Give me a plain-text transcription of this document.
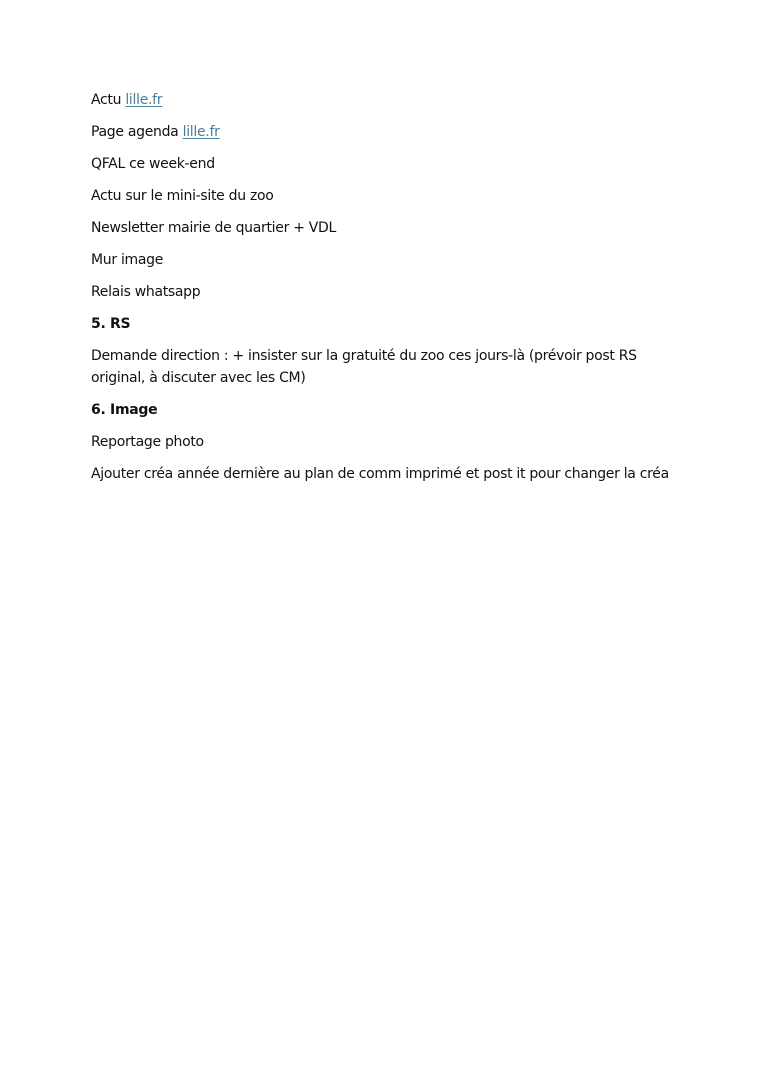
Actu lille.fr

Page agenda lille.fr

QFAL ce week-end

Actu sur le mini-site du zoo

Newsletter mairie de quartier + VDL

Mur image

Relais whatsapp

5. RS

Demande direction : + insister sur la gratuité du zoo ces jours-là (prévoir post RS original, à discuter avec les CM)

6. Image

Reportage photo

Ajouter créa année dernière au plan de comm imprimé et post it pour changer la créa
